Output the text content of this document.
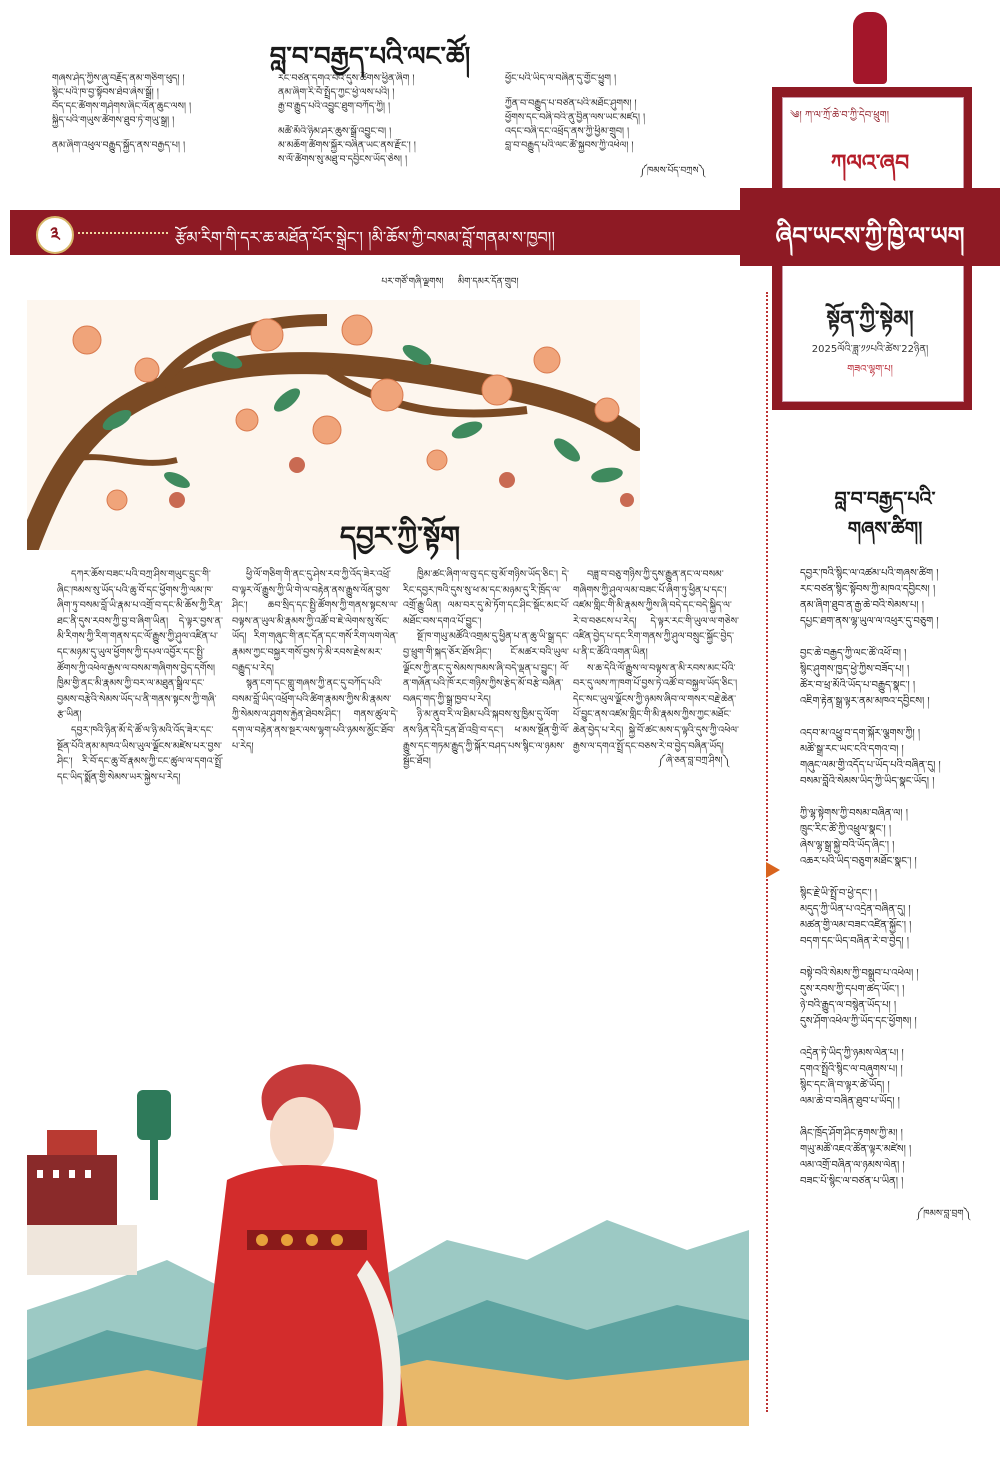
བླ་བ་བརྒྱད་པའི་ལང་ཚོ།
གཞས་ཤེད་ཀྱིས་ཞུ་བརྗོད་ནམ་གཅིག་ཕུད། །
སྙིང་པའི་ཁ་བྱ་སྟོབས་ཐེབ་ཞེས་སྒྲོ། །
བོད་དང་ཚོགས་གཤེགས་ཞིང་ལོན་ཆུང་ལས། །
སྐྱིད་པའི་གཡུས་ཚོགས་ཐུབ་ཏེ་གཡུ་སྒྲ། །
ནམ་ཞིག་འཕུལ་བརྒྱུད་སྐྱོད་ནས་བརྒྱད་པ། །
རང་བཙན་དགའ་བའི་དུས་ཚོགས་ཕྱིན་ཞིག །
ནམ་ཞིག་རི་བོ་སྤྲོད་ཀྱང་ཕྱེ་ལས་པའི། །
རྒྱ་བ་རྒྱུད་པའི་འབྱུང་ཐུག་བཀོད་ཀྱི། །
མཚོ་མོའི་ཉིམ་ཤར་ཆུས་སྒྲོ་འབྱུང་བ། །
མ་མཆོག་ཚོགས་སྐྱོར་བཞིན་ཡང་ནས་རྫོང་། །
ས་ལོ་ཚོགས་སུ་མཐུ་བ་དབྱིངས་ཡོད་ཅེས། །
ཕྱོང་པའི་ཡིད་ལ་བཞིན་དུ་གྱོང་ཕྱུག །
ཀྱོན་བ་བརྒྱུད་པ་བཙན་པའི་མཐོང་ཤུགས། །
ཕྱོགས་དང་བཞི་བའི་ནུ་བྱིན་ལས་ཡང་མཛད། །
འདང་བཞི་དང་འཕྲོད་ནས་ཀྱི་ཕྱིམ་གྲུབ། །
བླ་བ་བརྒྱུད་པའི་ལང་ཚོ་སྐྱབས་ཀྱི་འཕེལ། །
༼ཁམས་པོད་བཀྲས༽
༣	རྩོམ་རིག་གི་དར་ཆ་མཐོན་པོར་སྒྲེང་། །མི་ཆོས་ཀྱི་བསམ་བློ་གནམ་ས་ཁྱབ།།
༄། ཀ་ལ་ཀྲོ་ཆེ་བ་ཀྱི་དེབ་ཕྲུག།
ཀལའ་ཞབ
ཞིབ་ཡངས་ཀྱི་ཁྱི་ལ་ཡག
སྟོན་ཀྱི་སྟེམ།
2025ལོའི་ཟླ་༡༡པའི་ཚེས་22ཉིན།
གཟའ་ལྷག་པ།
པར་གཙོ་གཞི་ལྗགས། མིག་དམར་དོན་གྲུབ།
དབྱར་ཀྱི་སྟོག

དཀར་ཆོས་བཟང་པའི་བཀྲ་ཤིས་གཡུང་དྲུང་གི་ཞིང་ཁམས་སུ་ཡོད་པའི་ཆུ་བོ་དང་ཕྱོགས་ཀྱི་ལམ་ཁ་ཞིག་ཏུ་བསམ་བློ་ཡི་རྣམ་པ་འགྲོ་བ་དང་མི་ཆོས་ཀྱི་རིན་ཐང་ནི་དུས་རབས་ཀྱི་བྱ་བ་ཞིག་ཡིན། དེ་ལྟར་བྱས་ན་མི་རིགས་ཀྱི་རིག་གནས་དང་ལོ་རྒྱུས་ཀྱི་ཤུལ་འཛིན་པ་དང་མཉམ་དུ་ཡུལ་ཕྱོགས་ཀྱི་དཔལ་འབྱོར་དང་སྤྱི་ཚོགས་ཀྱི་འཕེལ་རྒྱས་ལ་བསམ་གཞིགས་བྱེད་དགོས། ཁྱིམ་གྱི་ནང་མི་རྣམས་ཀྱི་བར་ལ་མཐུན་སྒྲིལ་དང་བྱམས་བརྩེའི་སེམས་ཡོད་པ་ནི་གནས་སྟངས་ཀྱི་གཞི་རྩ་ཡིན།

དབྱར་ཁའི་ཉིན་མོ་དེ་ཚོ་ལ་ཉི་མའི་འོད་ཟེར་དང་སྔོན་པོའི་ནམ་མཁའ་ཡིས་ཡུལ་ལྗོངས་མཛེས་པར་བྱས་ཤིང་། རི་བོ་དང་ཆུ་བོ་རྣམས་ཀྱི་ངང་ཚུལ་ལ་དགའ་སྤྲོ་དང་ཡིད་སྨོན་གྱི་སེམས་ཡར་སྐྱེས་པ་རེད།

ཕྱི་ལོ་གཅིག་གི་ནང་དུ་ཤེས་རབ་ཀྱི་འོད་ཟེར་འཕྲོ་བ་ལྟར་ལོ་རྒྱུས་ཀྱི་ཡི་གེ་ལ་བརྟེན་ནས་རྒྱུས་ལོན་བྱས་ཤིང་། ཆབ་སྲིད་དང་སྤྱི་ཚོགས་ཀྱི་གནས་སྟངས་ལ་བལྟས་ན་ཡུལ་མི་རྣམས་ཀྱི་འཚོ་བ་ཇེ་ལེགས་སུ་སོང་ཡོད། རིག་གཞུང་གི་ནང་དོན་དང་གསོ་རིག་ལག་ལེན་རྣམས་ཀྱང་བསྐྱར་གསོ་བྱས་ཏེ་མི་རབས་རྗེས་མར་བརྒྱུད་པ་རེད།

སྙན་ངག་དང་གླུ་གཞས་ཀྱི་ནང་དུ་བཀོད་པའི་བསམ་བློ་ཡིད་འཕྲོག་པའི་ཚིག་རྣམས་ཀྱིས་མི་རྣམས་ཀྱི་སེམས་ལ་ཤུགས་རྐྱེན་ཐེབས་ཤིང་། གནས་ཚུལ་དེ་དག་ལ་བརྟེན་ནས་སྔར་ལས་ལྷག་པའི་ཉམས་མྱོང་ཐོབ་པ་རེད།

ཁྱིམ་ཚང་ཞིག་ལ་བུ་དང་བུ་མོ་གཉིས་ཡོད་ཅིང་། དེ་རིང་དབྱར་ཁའི་དུས་སུ་ཕ་མ་དང་མཉམ་དུ་རི་ཁྲོད་ལ་འགྲོ་རྒྱུ་ཡིན། ལམ་བར་དུ་མེ་ཏོག་དང་ཤིང་སྡོང་མང་པོ་མཐོང་བས་དགའ་པོ་བྱུང་།

སྔོ་ཁ་གཡུ་མཚོའི་འགྲམ་དུ་ཕྱིན་པ་ན་ཆུ་ཡི་སྒྲ་དང་བྱ་ཕྲུག་གི་སྐད་ཅོར་ཐོས་ཤིང་། ངོ་མཚར་བའི་ཡུལ་ལྗོངས་ཀྱི་ནང་དུ་སེམས་ཁམས་ཞི་བདེ་ལྡན་པ་བྱུང་། ལོ་ན་གཞོན་པའི་ཁོ་རང་གཉིས་ཀྱིས་རྩེད་མོ་བརྩེ་བཞིན་བཞད་གད་ཀྱི་སྒྲ་ཁྱབ་པ་རེད།

ཉི་མ་ནུབ་རི་ལ་ཐིམ་པའི་སྐབས་སུ་ཁྱིམ་དུ་ལོག་ནས་ཉིན་དེའི་དྲན་ཐོ་འབྲི་བ་དང་། ཕ་མས་སྔོན་གྱི་ལོ་རྒྱུས་དང་གཏམ་རྒྱུད་ཀྱི་སྐོར་བཤད་པས་སྙིང་ལ་ཉམས་སྦྱོང་ཐོབ།

བཟླ་བ་བཅུ་གཉིས་ཀྱི་དུས་རྒྱུན་ནང་ལ་བསམ་གཞིགས་ཀྱི་ཤུལ་ལམ་བཟང་པོ་ཞིག་ཏུ་ཕྱིན་པ་དང་། འཛམ་གླིང་གི་མི་རྣམས་ཀྱིས་ཞི་བདེ་དང་བདེ་སྐྱིད་ལ་རེ་བ་བཅངས་པ་རེད། དེ་ལྟར་རང་གི་ཡུལ་ལ་གཅེས་འཛིན་བྱེད་པ་དང་རིག་གནས་ཀྱི་ཤུལ་བསྲུང་སྐྱོང་བྱེད་པ་ནི་ང་ཚོའི་འགན་ཡིན།

ས་ཆ་དེའི་ལོ་རྒྱུས་ལ་བལྟས་ན་མི་རབས་མང་པོའི་བར་དུ་ལས་ཀ་ཁག་པོ་བྱས་ཏེ་འཚོ་བ་བསྐྱལ་ཡོད་ཅིང་། དེང་སང་ཡུལ་ལྗོངས་ཀྱི་ཉམས་ཞིབ་ལ་གསར་བརྗེ་ཆེན་པོ་བྱུང་ནས་འཛམ་གླིང་གི་མི་རྣམས་ཀྱིས་ཀྱང་མཐོང་ཆེན་བྱེད་པ་རེད། སྐྱེ་བོ་ཚང་མས་ད་ལྟའི་དུས་ཀྱི་འཕེལ་རྒྱས་ལ་དགའ་སྤྲོ་དང་བཅས་རེ་བ་བྱེད་བཞིན་ཡོད།

༼ཞེ་ཅན་བླ་བཀྲ་ཤིས།༽
བླ་བ་བརྒྱད་པའི་
གཞས་ཚིག།
དབྱར་ཁའི་སྙིང་ལ་འཚམ་པའི་གཞས་ཚིག །
རང་བཙན་སྙིང་སྟོབས་ཀྱི་མཁའ་དབྱིངས། །
ནམ་ཞིག་ཐུབ་ན་རྒྱ་ཆེ་བའི་སེམས་པ། །
དཔྱང་ཐག་ནས་ལྷ་ཡུལ་ལ་འཕུར་དུ་བཅུག །
བྱང་ཆེ་བརྒྱད་ཀྱི་ལང་ཚོ་འཕོ་བ། །
སྙིང་ཤུགས་ཁྱད་ཕྱེ་ཀྱིས་བཟོད་པ། །
ཚོར་བ་ཕྲ་མོའི་ཡོད་པ་བརྒྱུད་སྣང་། །
འཇིག་རྟེན་སྒྲ་ལྟར་ནམ་མཁའ་དབྱིངས། །
འདབ་མ་འཕྱུ་བ་དག་སྐོར་ལྕགས་ཀྱི། །
མཚོ་སྒྲ་རང་ཡང་ངའི་དགའ་བ། །
གཞུང་ལམ་གྱི་འདོད་པ་ཡོད་པའི་བཞིན་དུ། །
བསམ་བློའི་སེམས་ཡིད་ཀྱི་ཡིད་སྣང་ཡོད། །
ཀྱི་ལྷ་སྟེགས་ཀྱི་བསམ་བཞིན་ལ། །
ཁྲུང་རིང་ཚོ་ཀྱི་འཕྲུལ་སྣང་། །
ཞེས་ལྷ་སྒྲ་སྐྱེ་བའི་ཡོད་ཞིང་། །
འཆར་པའི་ཡིད་བཅུག་མཐོང་སྣང་། །
སྙིང་རྗེ་ཡི་སྤྲོ་བ་ཕྱེ་དང་། །
མདུད་ཀྱི་ཡིན་པ་འདྲེན་བཞིན་དུ། །
མཚན་གྱི་ལམ་བཟང་འཛིན་སྐྱོང་། །
བདག་དང་ཡིད་བཞིན་རེ་བ་བྱེད། །
བསྟེ་བའི་སེམས་ཀྱི་བསྒྲུབ་པ་འཕེལ། །
དུས་རབས་ཀྱི་དཔག་ཚད་ཡོང་། །
ཉེ་བའི་རྒྱུད་ལ་བསྙེན་ཡོད་པ། །
དུས་ཤོག་འཕེལ་ཀྱི་ཡོད་དང་ཕྱོགས། །
འདྲེན་ཏེ་ཡིད་ཀྱི་ཉམས་ལེན་པ། །
དགའ་སྤྲོའི་སྙིང་ལ་བཞུགས་པ། །
སྙིང་དང་ཞི་བ་ལྟར་ཚེ་ཡོད། །
ལམ་ཆེ་བ་བཞིན་ཐུབ་པ་ཡོད། །
ཞིང་ཁྲོད་ཤོག་ཤིང་རྟགས་ཀྱི་མ། །
གཡུ་མཚོ་འཇའ་ཚོན་ལྟར་མཛེས། །
ལམ་འགྲོ་བཞིན་ལ་ཉམས་ལེན། །
བཟང་པོ་སྙིང་ལ་བཙན་པ་ཡིན། །
༼ཁམས་བླ་བྲག༽
